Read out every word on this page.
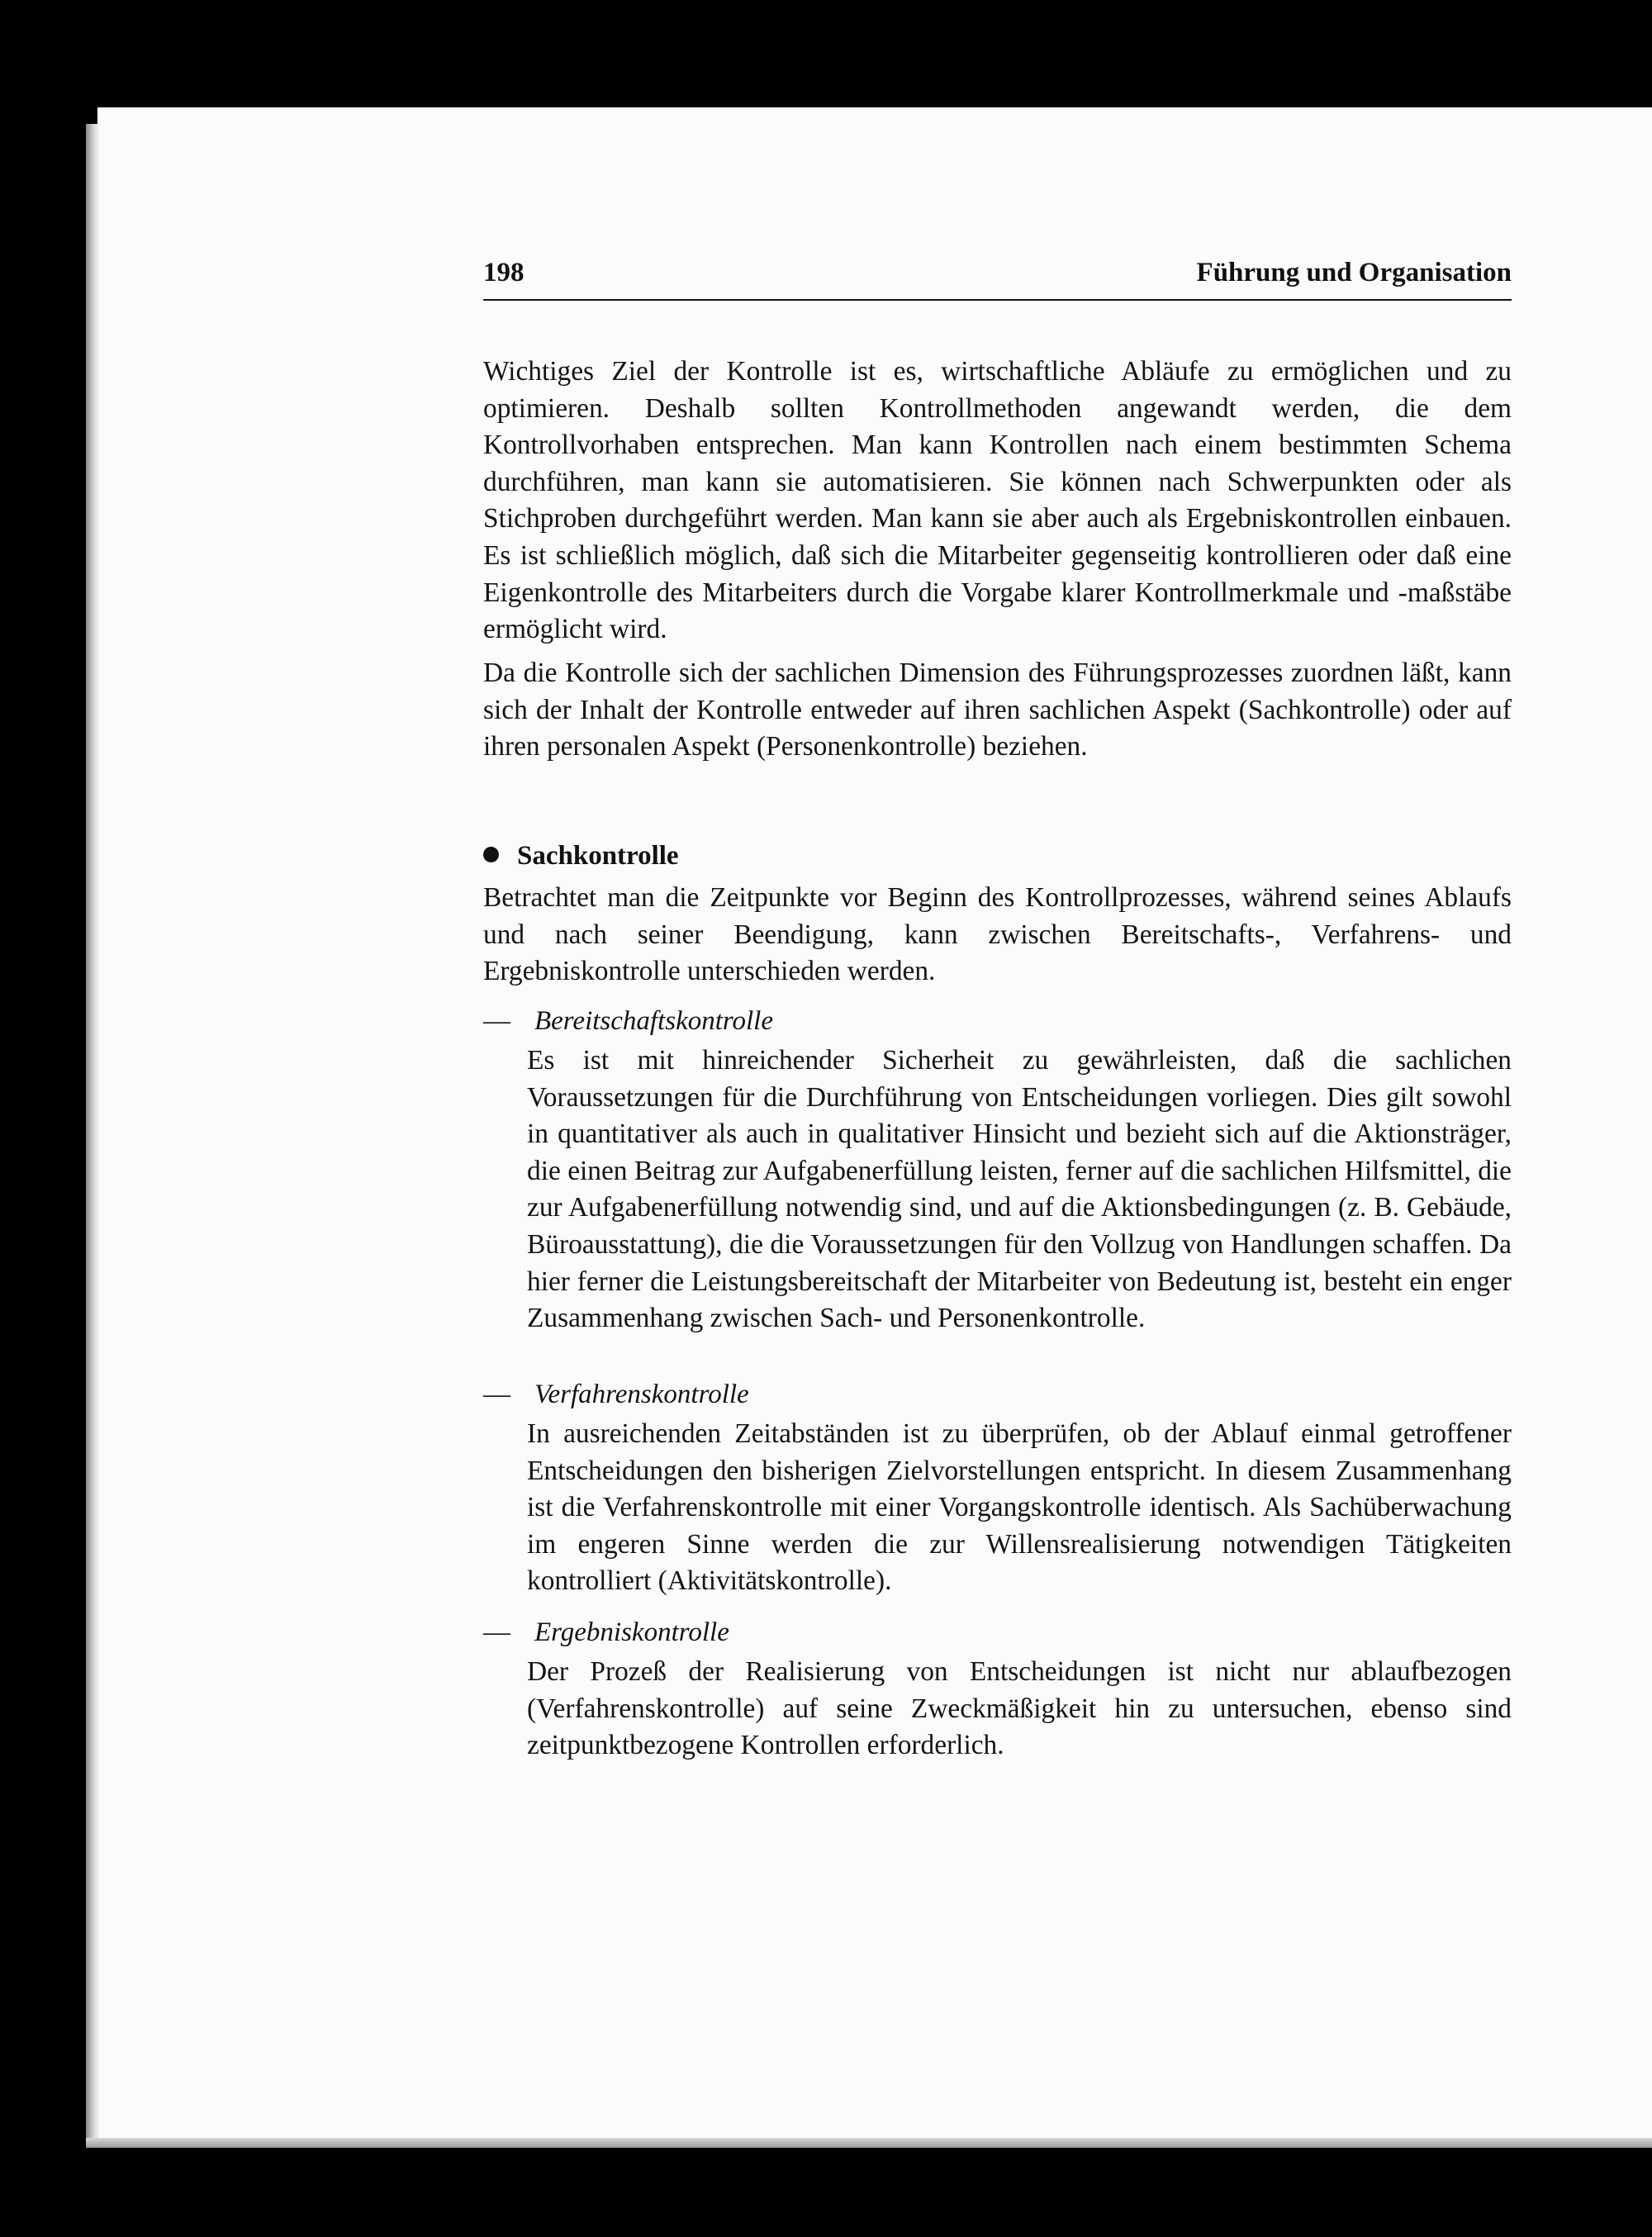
198	Führung und Organisation

Wichtiges Ziel der Kontrolle ist es, wirtschaftliche Abläufe zu ermöglichen und zu optimieren. Deshalb sollten Kontrollmethoden angewandt werden, die dem Kontrollvorhaben entsprechen. Man kann Kontrollen nach einem bestimmten Schema durchführen, man kann sie automatisieren. Sie können nach Schwerpunkten oder als Stichproben durchgeführt werden. Man kann sie aber auch als Ergebniskontrollen einbauen. Es ist schließlich möglich, daß sich die Mitarbeiter gegenseitig kontrollieren oder daß eine Eigenkontrolle des Mitarbeiters durch die Vorgabe klarer Kontrollmerkmale und -maßstäbe ermöglicht wird.

Da die Kontrolle sich der sachlichen Dimension des Führungsprozesses zuordnen läßt, kann sich der Inhalt der Kontrolle entweder auf ihren sachlichen Aspekt (Sachkontrolle) oder auf ihren personalen Aspekt (Personenkontrolle) beziehen.

Sachkontrolle

Betrachtet man die Zeitpunkte vor Beginn des Kontrollprozesses, während seines Ablaufs und nach seiner Beendigung, kann zwischen Bereitschafts-, Verfahrens- und Ergebniskontrolle unterschieden werden.

— Bereitschaftskontrolle
Es ist mit hinreichender Sicherheit zu gewährleisten, daß die sachlichen Voraussetzungen für die Durchführung von Entscheidungen vorliegen. Dies gilt sowohl in quantitativer als auch in qualitativer Hinsicht und bezieht sich auf die Aktionsträger, die einen Beitrag zur Aufgabenerfüllung leisten, ferner auf die sachlichen Hilfsmittel, die zur Aufgabenerfüllung notwendig sind, und auf die Aktionsbedingungen (z. B. Gebäude, Büroausstattung), die die Voraussetzungen für den Vollzug von Handlungen schaffen. Da hier ferner die Leistungsbereitschaft der Mitarbeiter von Bedeutung ist, besteht ein enger Zusammenhang zwischen Sach- und Personenkontrolle.
— Verfahrenskontrolle
In ausreichenden Zeitabständen ist zu überprüfen, ob der Ablauf einmal getroffener Entscheidungen den bisherigen Zielvorstellungen entspricht. In diesem Zusammenhang ist die Verfahrenskontrolle mit einer Vorgangskontrolle identisch. Als Sachüberwachung im engeren Sinne werden die zur Willensrealisierung notwendigen Tätigkeiten kontrolliert (Aktivitätskontrolle).
— Ergebniskontrolle
Der Prozeß der Realisierung von Entscheidungen ist nicht nur ablaufbezogen (Verfahrenskontrolle) auf seine Zweckmäßigkeit hin zu untersuchen, ebenso sind zeitpunktbezogene Kontrollen erforderlich.
